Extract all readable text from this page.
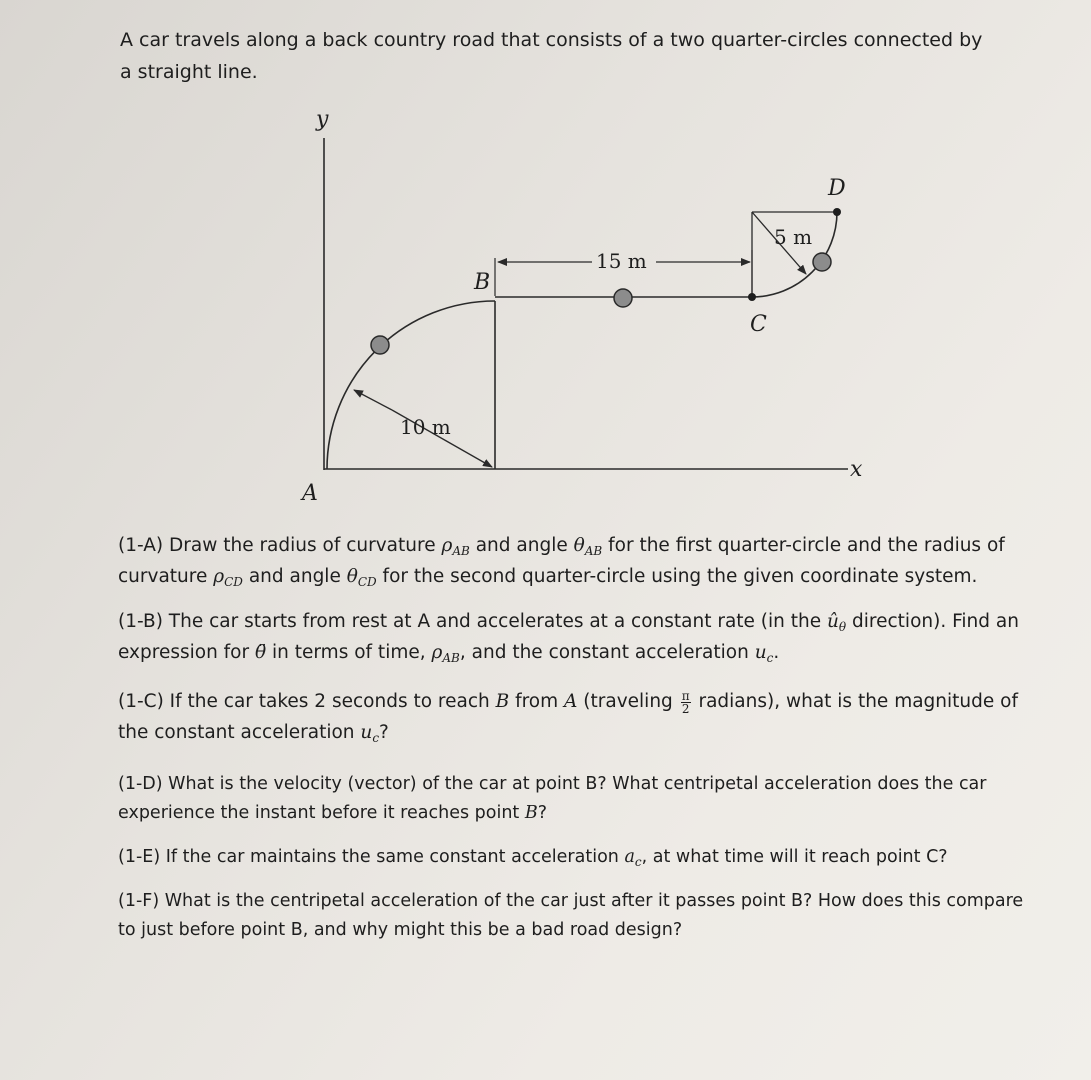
A car travels along a back country road that consists of a two quarter-circles connected by a straight line.

y
x
A
B
C
D
15 m
10 m
5 m

(1-A) Draw the radius of curvature $\rho_{AB}$ and angle $\theta_{AB}$ for the first quarter-circle and the radius of curvature $\rho_{CD}$ and angle $\theta_{CD}$ for the second quarter-circle using the given coordinate system.

(1-B) The car starts from rest at A and accelerates at a constant rate (in the $û_\theta$ direction). Find an expression for θ̈ in terms of time, $\rho_{AB}$, and the constant acceleration $u_c$.

(1-C) If the car takes 2 seconds to reach B from A (traveling $\frac{\pi}{2}$ radians), what is the magnitude of the constant acceleration $u_c$?

(1-D) What is the velocity (vector) of the car at point B? What centripetal acceleration does the car experience the instant before it reaches point B?

(1-E) If the car maintains the same constant acceleration $a_c$, at what time will it reach point C?

(1-F) What is the centripetal acceleration of the car just after it passes point B? How does this compare to just before point B, and why might this be a bad road design?
